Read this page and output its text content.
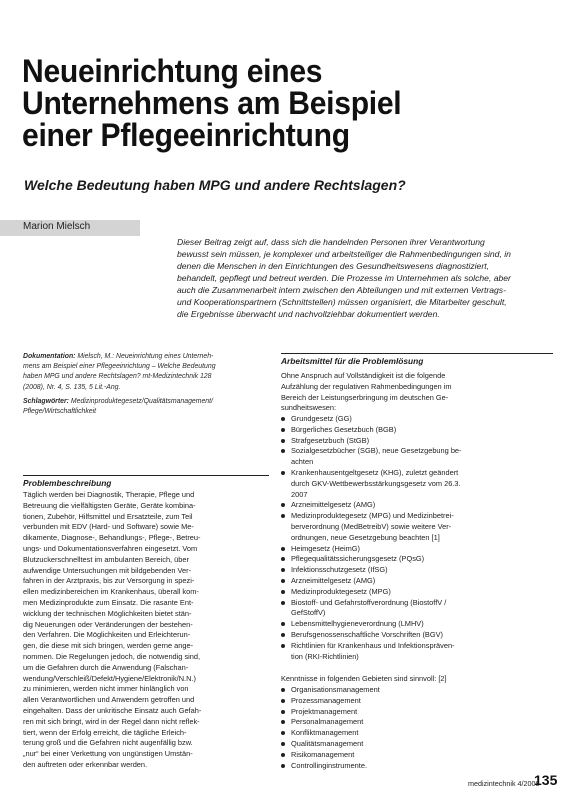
Neueinrichtung eines
Unternehmens am Beispiel
einer Pflegeeinrichtung
Welche Bedeutung haben MPG und andere Rechtslagen?
Marion Mielsch
Dieser Beitrag zeigt auf, dass sich die handelnden Personen ihrer Verantwortung
bewusst sein müssen, je komplexer und arbeitsteiliger die Rahmenbedingungen sind, in
denen die Menschen in den Einrichtungen des Gesundheitswesens diagnostiziert,
behandelt, gepflegt und betreut werden. Die Prozesse im Unternehmen als solche, aber
auch die Zusammenarbeit intern zwischen den Abteilungen und mit externen Vertrags-
und Kooperationspartnern (Schnittstellen) müssen organisiert, die Mitarbeiter geschult,
die Ergebnisse überwacht und nachvollziehbar dokumentiert werden.
Dokumentation: Mielsch, M.: Neueinrichtung eines Unterneh-
mens am Beispiel einer Pflegeeinrichtung – Welche Bedeutung
haben MPG und andere Rechtslagen? mt-Medizintechnik 128
(2008), Nr. 4, S. 135, 5 Lit.-Ang.
Schlagwörter: Medizinproduktegesetz/Qualitätsmanagement/
Pflege/Wirtschaftlichkeit
Problembeschreibung
Täglich werden bei Diagnostik, Therapie, Pflege und
Betreuung die vielfältigsten Geräte, Geräte kombina-
tionen, Zubehör, Hilfsmittel und Ersatzteile, zum Teil
verbunden mit EDV (Hard- und Software) sowie Me-
dikamente, Diagnose-, Behandlungs-, Pflege-, Betreu-
ungs- und Dokumentationsverfahren eingesetzt. Vom
Blutzuckerschnelltest im ambulanten Bereich, über
aufwendige Untersuchungen mit bildgebenden Ver-
fahren in der Arztpraxis, bis zur Versorgung in spezi-
ellen medizinbereichen im Krankenhaus, überall kom-
men Medizinprodukte zum Einsatz. Die rasante Ent-
wicklung der technischen Möglichkeiten bietet stän-
dig Neuerungen oder Veränderungen der bestehen-
den Verfahren. Die Möglichkeiten und Erleichterun-
gen, die diese mit sich bringen, werden gerne ange-
nommen. Die Regelungen jedoch, die notwendig sind,
um die Gefahren durch die Anwendung (Falschan-
wendung/Verschleiß/Defekt/Hygiene/Elektronik/N.N.)
zu minimieren, werden nicht immer hinlänglich von
allen Verantwortlichen und Anwendern getroffen und
eingehalten. Dass der unkritische Einsatz auch Gefah-
ren mit sich bringt, wird in der Regel dann nicht reflek-
tiert, wenn der Erfolg erreicht, die tägliche Erleich-
terung groß und die Gefahren nicht augenfällig bzw.
„nur“ bei einer Verkettung von ungünstigen Umstän-
den auftreten oder erkennbar werden.
Arbeitsmittel für die Problemlösung
Ohne Anspruch auf Vollständigkeit ist die folgende
Aufzählung der regulativen Rahmenbedingungen im
Bereich der Leistungserbringung im deutschen Ge-
sundheitswesen:
Grundgesetz (GG)
Bürgerliches Gesetzbuch (BGB)
Strafgesetzbuch (StGB)
Sozialgesetzbücher (SGB), neue Gesetzgebung be-
achten
Krankenhausentgeltgesetz (KHG), zuletzt geändert
durch GKV-Wettbewerbsstärkungsgesetz vom 26.3.
2007
Arzneimittelgesetz (AMG)
Medizinproduktegesetz (MPG) und Medizinbetrei-
berverordnung (MedBetreibV) sowie weitere Ver-
ordnungen, neue Gesetzgebung beachten [1]
Heimgesetz (HeimG)
Pflegequalitätssicherungsgesetz (PQsG)
Infektionsschutzgesetz (IfSG)
Arzneimittelgesetz (AMG)
Medizinproduktegesetz (MPG)
Biostoff- und Gefahrstoffverordnung (BiostoffV /
GefStoffV)
Lebensmittelhygieneverordnung (LMHV)
Berufsgenossenschaftliche Vorschriften (BGV)
Richtlinien für Krankenhaus und Infektionspräven-
tion (RKI-Richtlinien)
Kenntnisse in folgenden Gebieten sind sinnvoll: [2]
Organisationsmanagement
Prozessmanagement
Projektmanagement
Personalmanagement
Konfliktmanagement
Qualitätsmanagement
Risikomanagement
Controllinginstrumente.
medizintechnik 4/2008
135
